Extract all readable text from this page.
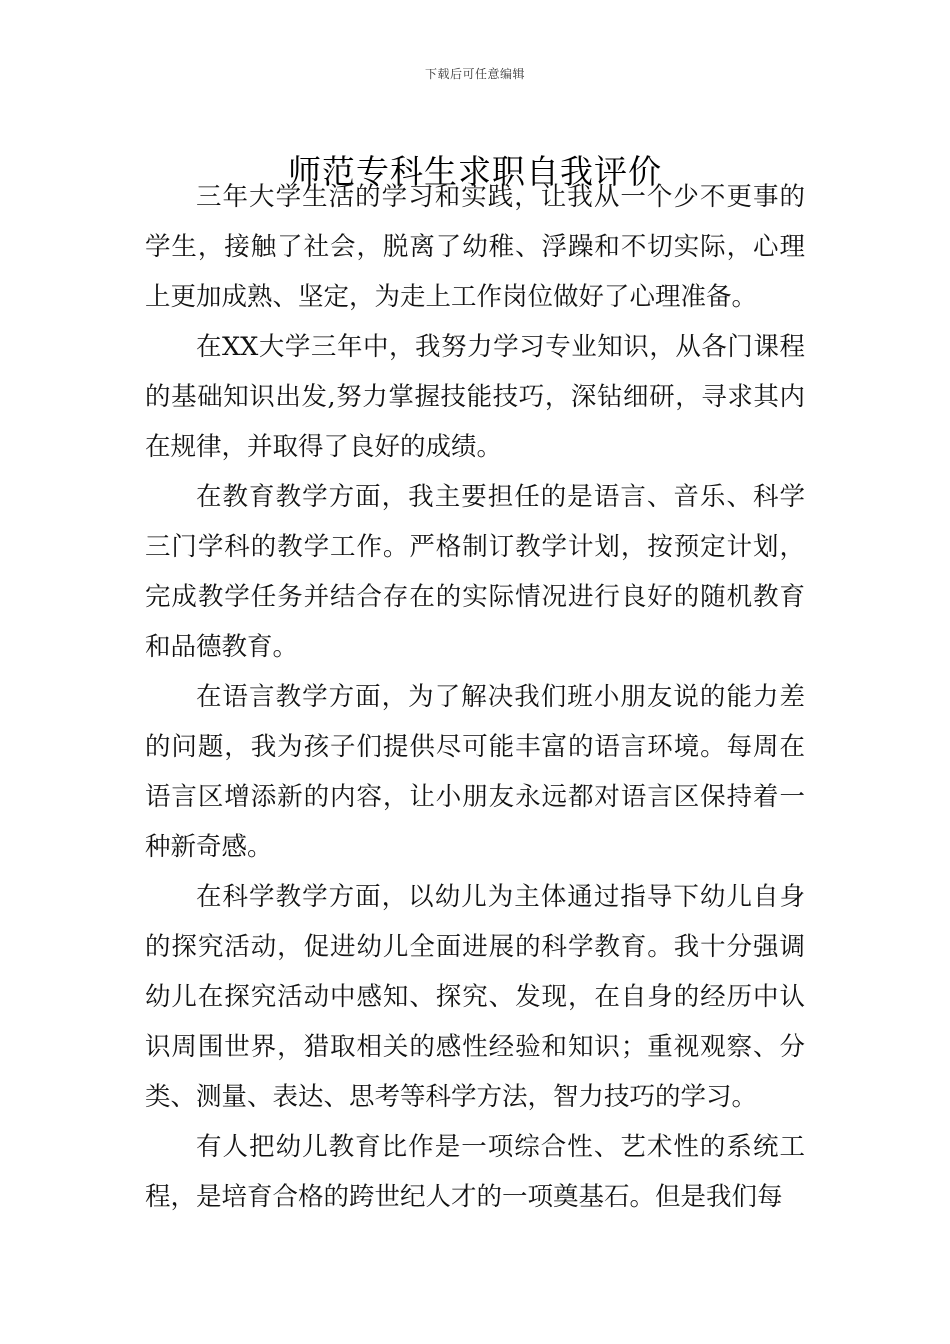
下载后可任意编辑
师范专科生求职自我评价

三年大学生活的学习和实践，让我从一个少不更事的学生，接触了社会，脱离了幼稚、浮躁和不切实际，心理上更加成熟、坚定，为走上工作岗位做好了心理准备。

在XX大学三年中，我努力学习专业知识，从各门课程的基础知识出发,努力掌握技能技巧，深钻细研，寻求其内在规律，并取得了良好的成绩。

在教育教学方面，我主要担任的是语言、音乐、科学三门学科的教学工作。严格制订教学计划，按预定计划，完成教学任务并结合存在的实际情况进行良好的随机教育和品德教育。

在语言教学方面，为了解决我们班小朋友说的能力差的问题，我为孩子们提供尽可能丰富的语言环境。每周在语言区增添新的内容，让小朋友永远都对语言区保持着一种新奇感。

在科学教学方面，以幼儿为主体通过指导下幼儿自身的探究活动，促进幼儿全面进展的科学教育。我十分强调幼儿在探究活动中感知、探究、发现，在自身的经历中认识周围世界，猎取相关的感性经验和知识；重视观察、分类、测量、表达、思考等科学方法，智力技巧的学习。

有人把幼儿教育比作是一项综合性、艺术性的系统工程，是培育合格的跨世纪人才的一项奠基石。但是我们每
